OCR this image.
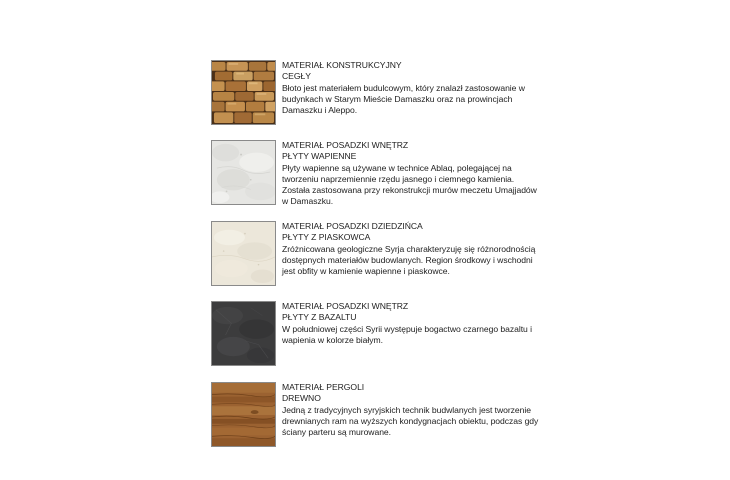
MATERIAŁ KONSTRUKCYJNY
CEGŁY
Błoto jest materiałem budulcowym, który znalazł zastosowanie w budynkach w Starym Mieście Damaszku oraz na prowincjach Damaszku i Aleppo.
MATERIAŁ POSADZKI WNĘTRZ
PŁYTY WAPIENNE
Płyty wapienne są używane w technice Ablaq, polegającej na tworzeniu naprzemiennie rzędu jasnego i ciemnego kamienia. Została zastosowana przy rekonstrukcji murów meczetu Umajjadów w Damaszku.
MATERIAŁ POSADZKI DZIEDZIŃCA
PŁYTY Z PIASKOWCA
Zróżnicowana geologiczne Syrja charakteryzuję się różnorodnością dostępnych materiałów budowlanych. Region środkowy i wschodni jest obfity w kamienie wapienne i piaskowce.
MATERIAŁ POSADZKI WNĘTRZ
PŁYTY Z BAZALTU
W południowej części Syrii występuje bogactwo czarnego bazaltu i wapienia w kolorze białym.
MATERIAŁ PERGOLI
DREWNO
Jedną z tradycyjnych syryjskich technik budwlanych jest tworzenie drewnianych ram na wyższych kondygnacjach obiektu, podczas gdy ściany parteru są murowane.
